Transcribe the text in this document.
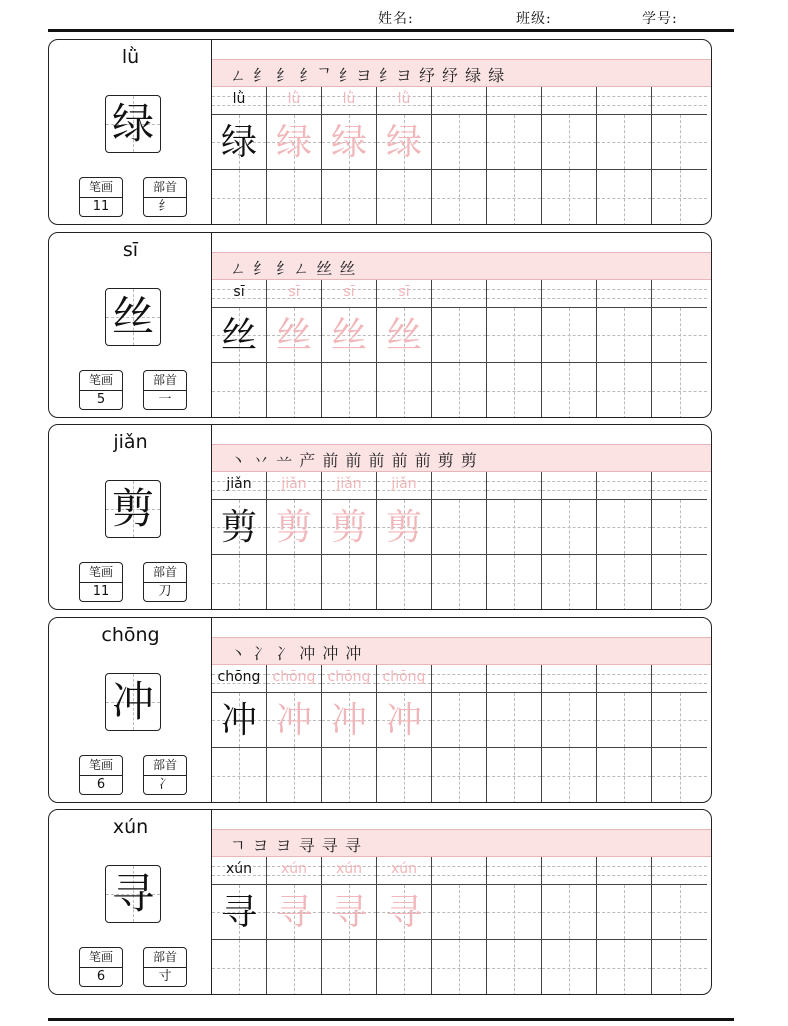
姓名:	班级:	学号:
lǜ
绿
笔画
11
部首
纟
ㄥ 纟 纟 纟ᄀ 纟ヨ 纟ヨ 纾 纾 绿 绿
lǜ
绿
lǜ
绿
lǜ
绿
lǜ
绿
sī
丝
笔画
5
部首
一
ㄥ 纟 纟ㄥ 丝 丝
sī
丝
sī
丝
sī
丝
sī
丝
jiǎn
剪
笔画
11
部首
刀
丶 丷 䒑 产 前 前 前 前 前 剪 剪
jiǎn
剪
jiǎn
剪
jiǎn
剪
jiǎn
剪
chōng
冲
笔画
6
部首
冫
丶 冫 冫 冲 冲 冲
chōng
冲
chōng
冲
chōng
冲
chōng
冲
xún
寻
笔画
6
部首
寸
ㄱ ヨ ヨ 寻 寻 寻
xún
寻
xún
寻
xún
寻
xún
寻
